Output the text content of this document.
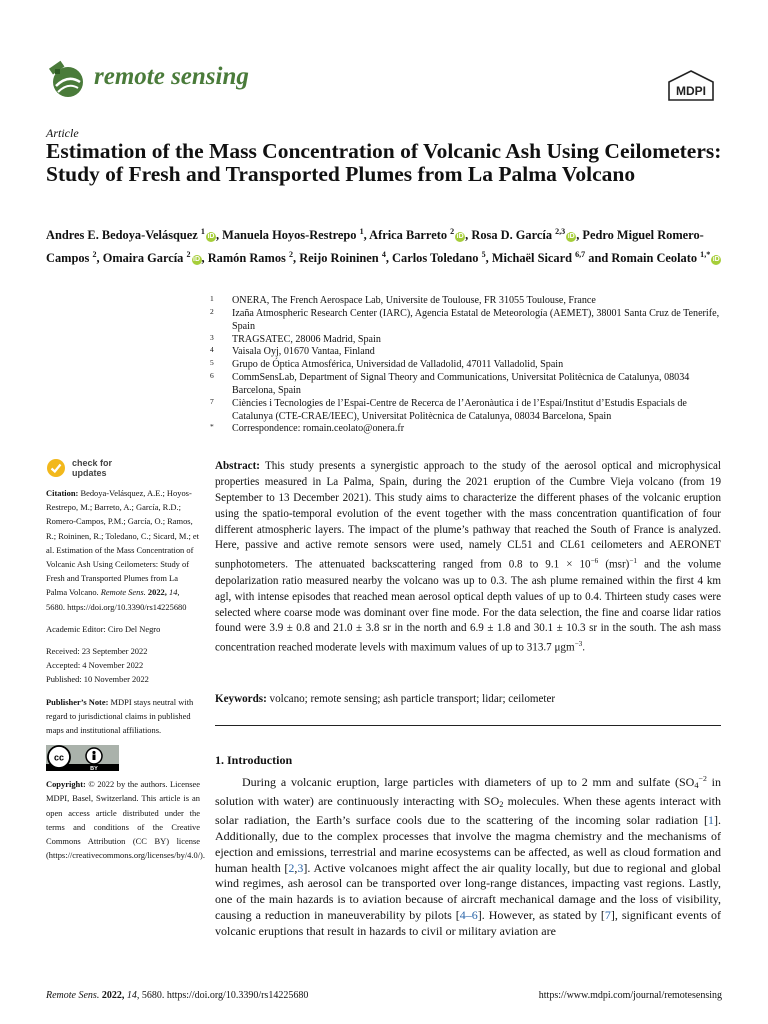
remote sensing
MDPI
Article
Estimation of the Mass Concentration of Volcanic Ash Using Ceilometers: Study of Fresh and Transported Plumes from La Palma Volcano

Andres E. Bedoya-Velásquez $^1$iD , Manuela Hoyos-Restrepo $^1$, Africa Barreto $^2$iD , Rosa D. García $^{2,3}$iD , Pedro Miguel Romero-Campos $^2$, Omaira García $^2$iD , Ramón Ramos $^2$, Reijo Roininen $^4$, Carlos Toledano $^5$, Michaël Sicard $^{6,7}$ and Romain Ceolato $^{1,*}$iD

1 ONERA, The French Aerospace Lab, Universite de Toulouse, FR 31055 Toulouse, France
2 Izaña Atmospheric Research Center (IARC), Agencia Estatal de Meteorología (AEMET), 38001 Santa Cruz de Tenerife, Spain
3 TRAGSATEC, 28006 Madrid, Spain
4 Vaisala Oyj, 01670 Vantaa, Finland
5 Grupo de Óptica Atmosférica, Universidad de Valladolid, 47011 Valladolid, Spain
6 CommSensLab, Department of Signal Theory and Communications, Universitat Politècnica de Catalunya, 08034 Barcelona, Spain
7 Ciències i Tecnologies de l’Espai-Centre de Recerca de l’Aeronàutica i de l’Espai/Institut d’Estudis Espacials de Catalunya (CTE-CRAE/IEEC), Universitat Politècnica de Catalunya, 08034 Barcelona, Spain
* Correspondence: romain.ceolato@onera.fr
check for
updates

Citation: Bedoya-Velásquez, A.E.; Hoyos-Restrepo, M.; Barreto, A.; García, R.D.; Romero-Campos, P.M.; García, O.; Ramos, R.; Roininen, R.; Toledano, C.; Sicard, M.; et al. Estimation of the Mass Concentration of Volcanic Ash Using Ceilometers: Study of Fresh and Transported Plumes from La Palma Volcano. Remote Sens. 2022, 14, 5680. https://doi.org/10.3390/rs14225680

Academic Editor: Ciro Del Negro

Received: 23 September 2022

Accepted: 4 November 2022

Published: 10 November 2022

Publisher’s Note: MDPI stays neutral with regard to jurisdictional claims in published maps and institutional affiliations.

cc
BY

Copyright: © 2022 by the authors. Licensee MDPI, Basel, Switzerland. This article is an open access article distributed under the terms and conditions of the Creative Commons Attribution (CC BY) license (https://creativecommons.org/licenses/by/4.0/).

Abstract: This study presents a synergistic approach to the study of the aerosol optical and microphysical properties measured in La Palma, Spain, during the 2021 eruption of the Cumbre Vieja volcano (from 19 September to 13 December 2021). This study aims to characterize the different phases of the volcanic eruption using the spatio-temporal evolution of the event together with the mass concentration quantification of four different atmospheric layers. The impact of the plume’s pathway that reached the South of France is analyzed. Here, passive and active remote sensors were used, namely CL51 and CL61 ceilometers and AERONET sunphotometers. The attenuated backscattering ranged from 0.8 to $9.1 \times 10^{-6}$ (msr)$^{-1}$ and the volume depolarization ratio measured nearby the volcano was up to 0.3. The ash plume remained within the first 4 km agl, with intense episodes that reached mean aerosol optical depth values of up to 0.4. Thirteen study cases were selected where coarse mode was dominant over fine mode. For the data selection, the fine and coarse lidar ratios found were 3.9 ± 0.8 and 21.0 ± 3.8 sr in the north and 6.9 ± 1.8 and 30.1 ± 10.3 sr in the south. The ash mass concentration reached moderate levels with maximum values of up to 313.7 μgm$^{-3}$.

Keywords: volcano; remote sensing; ash particle transport; lidar; ceilometer

1. Introduction

During a volcanic eruption, large particles with diameters of up to 2 mm and sulfate ($SO4^{-2}$ in solution with water) are continuously interacting with SO2 molecules. When these agents interact with solar radiation, the Earth’s surface cools due to the scattering of the incoming solar radiation [1]. Additionally, due to the complex processes that involve the magma chemistry and the mechanisms of ejection and emissions, terrestrial and marine ecosystems can be affected, as well as cloud formation and human health [2,3]. Active volcanoes might affect the air quality locally, but due to regional and global wind regimes, ash aerosol can be transported over long-range distances, impacting vast regions. Lastly, one of the main hazards is to aviation because of aircraft mechanical damage and the loss of visibility, causing a reduction in maneuverability by pilots [4–6]. However, as stated by [7], significant events of volcanic eruptions that result in hazards to civil or military aviation are

Remote Sens. 2022, 14, 5680. https://doi.org/10.3390/rs14225680	https://www.mdpi.com/journal/remotesensing
